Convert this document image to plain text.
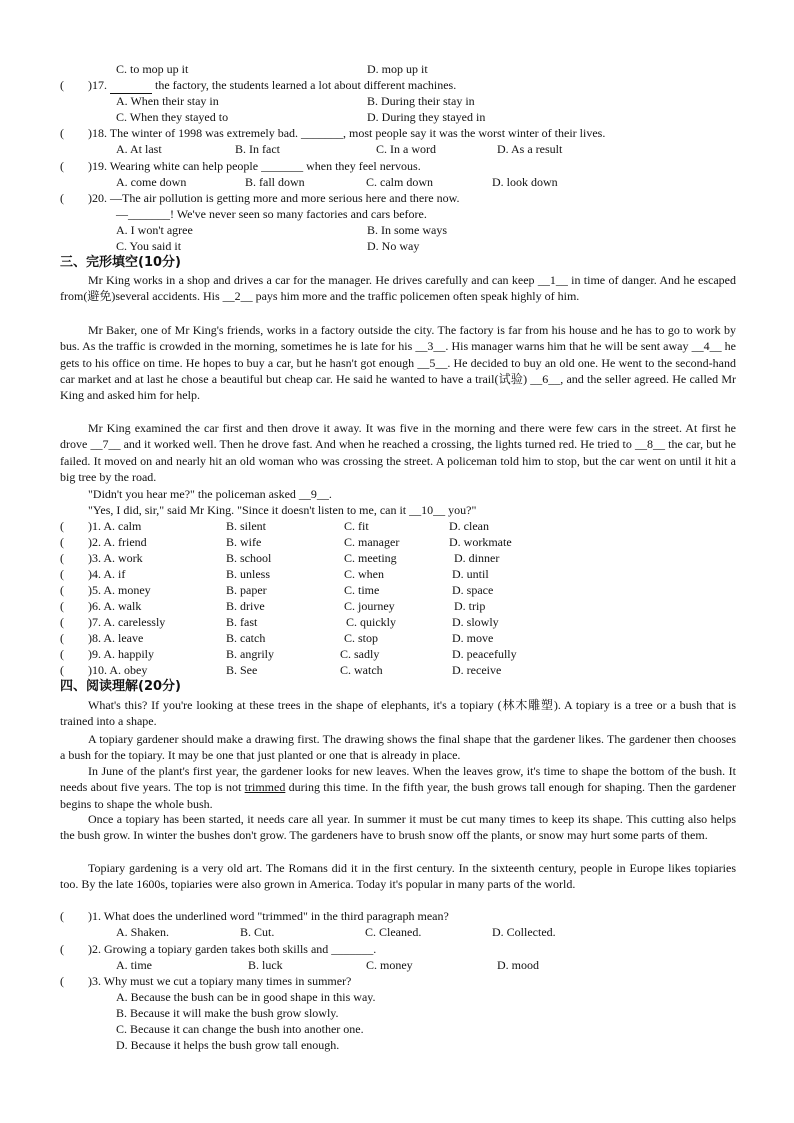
C. to mop up it	D. mop up it
(        )17.	the factory, the students learned a lot about different machines.
A. When their stay in	B. During their stay in
C. When they stayed to	D. During they stayed in
(        )18. The winter of 1998 was extremely bad. _______, most people say it was the worst winter of their lives.
A. At last	B. In fact	C. In a word	D. As a result
(        )19. Wearing white can help people _______ when they feel nervous.
A. come down	B. fall down	C. calm down	D. look down
(        )20. —The air pollution is getting more and more serious here and there now.
—_______! We've never seen so many factories and cars before.
A. I won't agree	B. In some ways
C. You said it	D. No way
三、完形填空(10分)
Mr King works in a shop and drives a car for the manager. He drives carefully and can keep __1__ in time of danger. And he escaped from(避免)several accidents. His __2__ pays him more and the traffic policemen often speak highly of him.
Mr Baker, one of Mr King's friends, works in a factory outside the city. The factory is far from his house and he has to go to work by bus. As the traffic is crowded in the morning, sometimes he is late for his __3__. His manager warns him that he will be sent away __4__ he gets to his office on time. He hopes to buy a car, but he hasn't got enough __5__. He decided to buy an old one. He went to the second-hand car market and at last he chose a beautiful but cheap car. He said he wanted to have a trail(试验) __6__, and the seller agreed. He called Mr King and asked him for help.
Mr King examined the car first and then drove it away. It was five in the morning and there were few cars in the street. At first he drove __7__ and it worked well. Then he drove fast. And when he reached a crossing, the lights turned red. He tried to __8__ the car, but he failed. It moved on and nearly hit an old woman who was crossing the street. A policeman told him to stop, but the car went on until it hit a big tree by the road.
"Didn't you hear me?" the policeman asked __9__.
"Yes, I did, sir," said Mr King. "Since it doesn't listen to me, can it __10__ you?"
(        )1. A. calm	B. silent	C. fit	D. clean
(        )2. A. friend	B. wife	C. manager	D. workmate
(        )3. A. work	B. school	C. meeting	D. dinner
(        )4. A. if	B. unless	C. when	D. until
(        )5. A. money	B. paper	C. time	D. space
(        )6. A. walk	B. drive	C. journey	D. trip
(        )7. A. carelessly	B. fast	C. quickly	D. slowly
(        )8. A. leave	B. catch	C. stop	D. move
(        )9. A. happily	B. angrily	C. sadly	D. peacefully
(        )10. A. obey	B. See	C. watch	D. receive
四、阅读理解(20分)
What's this? If you're looking at these trees in the shape of elephants, it's a topiary (林木雕塑). A topiary is a tree or a bush that is trained into a shape.
A topiary gardener should make a drawing first. The drawing shows the final shape that the gardener likes. The gardener then chooses a bush for the topiary. It may be one that just planted or one that is already in place.
In June of the plant's first year, the gardener looks for new leaves. When the leaves grow, it's time to shape the bottom of the bush. It needs about five years. The top is not trimmed during this time. In the fifth year, the bush grows tall enough for shaping. Then the gardener begins to shape the whole bush.
Once a topiary has been started, it needs care all year. In summer it must be cut many times to keep its shape. This cutting also helps the bush grow. In winter the bushes don't grow. The gardeners have to brush snow off the plants, or snow may hurt some parts of them.
Topiary gardening is a very old art. The Romans did it in the first century. In the sixteenth century, people in Europe likes topiaries too. By the late 1600s, topiaries were also grown in America. Today it's popular in many parts of the world.
(        )1. What does the underlined word "trimmed" in the third paragraph mean?
A. Shaken.	B. Cut.	C. Cleaned.	D. Collected.
(        )2. Growing a topiary garden takes both skills and _______.
A. time	B. luck	C. money	D. mood
(        )3. Why must we cut a topiary many times in summer?
A. Because the bush can be in good shape in this way.
B. Because it will make the bush grow slowly.
C. Because it can change the bush into another one.
D. Because it helps the bush grow tall enough.
